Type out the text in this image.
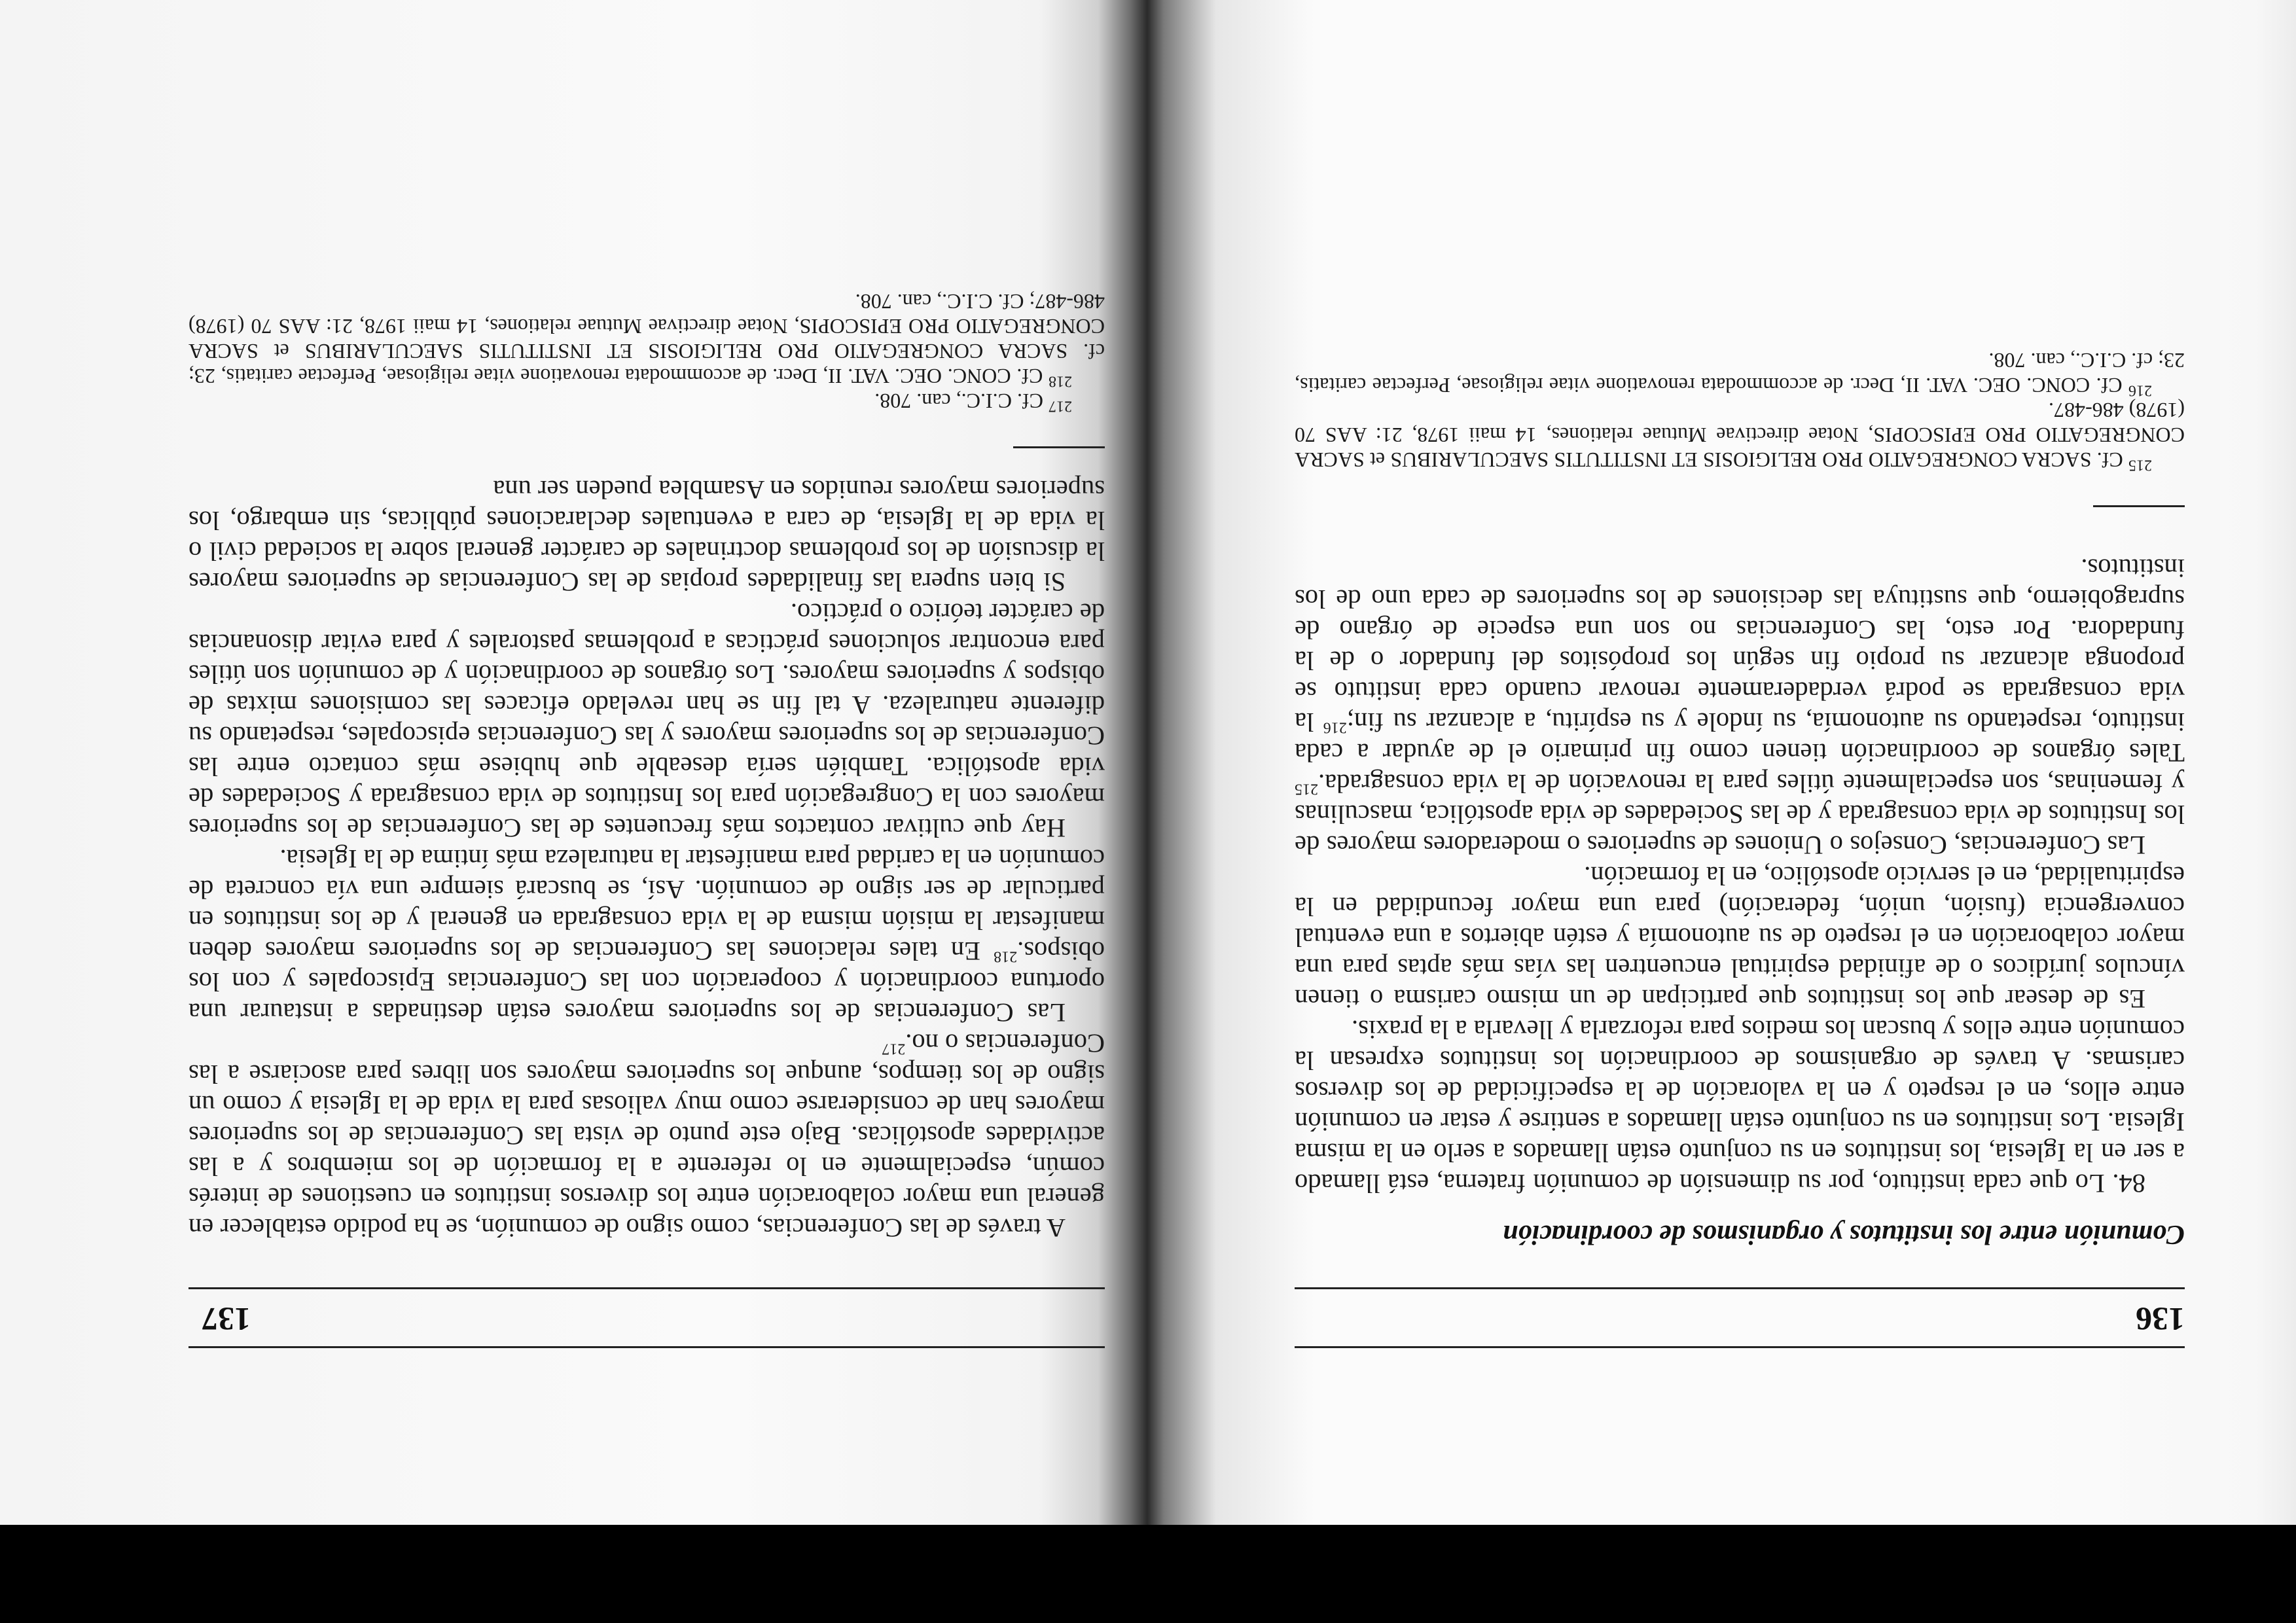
136
Comunión entre los institutos y organismos de coordinación

84. Lo que cada instituto, por su dimensión de comunión fraterna, está llamado a ser en la Iglesia, los institutos en su conjunto están llamados a serlo en la misma Iglesia. Los institutos en su conjunto están llamados a sentirse y estar en comunión entre ellos, en el respeto y en la valoración de la especificidad de los diversos carismas. A través de organismos de coordinación los institutos expresan la comunión entre ellos y buscan los medios para reforzarla y llevarla a la praxis.

Es de desear que los institutos que participan de un mismo carisma o tienen vínculos jurídicos o de afinidad espiritual encuentren las vías más aptas para una mayor colaboración en el respeto de su autonomía y estén abiertos a una eventual convergencia (fusión, unión, federación) para una mayor fecundidad en la espiritualidad, en el servicio apostólico, en la formación.

Las Conferencias, Consejos o Uniones de superiores o moderadores mayores de los Institutos de vida consagrada y de las Sociedades de vida apostólica, masculinas y femeninas, son especialmente útiles para la renovación de la vida consagrada.$^{215}$ Tales órganos de coordinación tienen como fin primario el de ayudar a cada instituto, respetando su autonomía, su índole y su espíritu, a alcanzar su fin;$^{216}$ la vida consagrada se podrá verdaderamente renovar cuando cada instituto se proponga alcanzar su propio fin según los propósitos del fundador o de la fundadora. Por esto, las Conferencias no son una especie de órgano de supragobierno, que sustituya las decisiones de los superiores de cada uno de los institutos.

$^{215}$ Cf. SACRA CONGREGATIO PRO RELIGIOSIS ET INSTITUTIS SAECULARIBUS et SACRA CONGREGATIO PRO EPISCOPIS, Notae directivae Mutuae relationes, 14 maii 1978, 21: AAS 70 (1978) 486-487.

$^{216}$ Cf. CONC. OEC. VAT. II, Decr. de accommodata renovatione vitae religiosae, Perfectae caritatis, 23; cf. C.I.C., can. 708.

137

A través de las Conferencias, como signo de comunión, se ha podido establecer en general una mayor colaboración entre los diversos institutos en cuestiones de interés común, especialmente en lo referente a la formación de los miembros y a las actividades apostólicas. Bajo este punto de vista las Conferencias de los superiores mayores han de considerarse como muy valiosas para la vida de la Iglesia y como un signo de los tiempos, aunque los superiores mayores son libres para asociarse a las Conferencias o no.$^{217}$

Las Conferencias de los superiores mayores están destinadas a instaurar una oportuna coordinación y cooperación con las Conferencias Episcopales y con los obispos.$^{218}$ En tales relaciones las Conferencias de los superiores mayores deben manifestar la misión misma de la vida consagrada en general y de los institutos en particular de ser signo de comunión. Así, se buscará siempre una vía concreta de comunión en la caridad para manifestar la naturaleza más íntima de la Iglesia.

Hay que cultivar contactos más frecuentes de las Conferencias de los superiores mayores con la Congregación para los Institutos de vida consagrada y Sociedades de vida apostólica. También sería deseable que hubiese más contacto entre las Conferencias de los superiores mayores y las Conferencias episcopales, respetando su diferente naturaleza. A tal fin se han revelado eficaces las comisiones mixtas de obispos y superiores mayores. Los órganos de coordinación y de comunión son útiles para encontrar soluciones prácticas a problemas pastorales y para evitar disonancias de carácter teórico o práctico.

Si bien supera las finalidades propias de las Conferencias de superiores mayores la discusión de los problemas doctrinales de carácter general sobre la sociedad civil o la vida de la Iglesia, de cara a eventuales declaraciones públicas, sin embargo, los superiores mayores reunidos en Asamblea pueden ser una

$^{217}$ Cf. C.I.C., can. 708.

$^{218}$ Cf. CONC. OEC. VAT. II, Decr. de accommodata renovatione vitae religiosae, Perfectae caritatis, 23; cf. SACRA CONGREGATIO PRO RELIGIOSIS ET INSTITUTIS SAECULARIBUS et SACRA CONGREGATIO PRO EPISCOPIS, Notae directivae Mutuae relationes, 14 maii 1978, 21: AAS 70 (1978) 486-487; Cf. C.I.C., can. 708.
